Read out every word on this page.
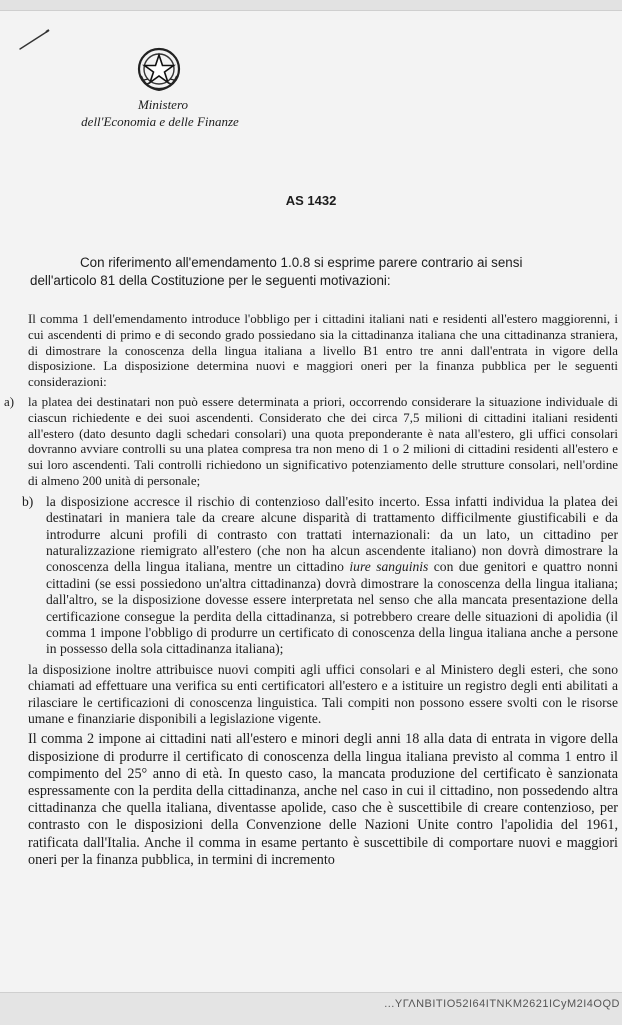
Ministero
dell'Economia e delle Finanze
AS 1432

Con riferimento all'emendamento 1.0.8 si esprime parere contrario ai sensi

dell'articolo 81 della Costituzione per le seguenti motivazioni:

Il comma 1 dell'emendamento introduce l'obbligo per i cittadini italiani nati e residenti all'estero maggiorenni, i cui ascendenti di primo e di secondo grado possiedano sia la cittadinanza italiana che una cittadinanza straniera, di dimostrare la conoscenza della lingua italiana a livello B1 entro tre anni dall'entrata in vigore della disposizione. La disposizione determina nuovi e maggiori oneri per la finanza pubblica per le seguenti considerazioni:

a) la platea dei destinatari non può essere determinata a priori, occorrendo considerare la situazione individuale di ciascun richiedente e dei suoi ascendenti. Considerato che dei circa 7,5 milioni di cittadini italiani residenti all'estero (dato desunto dagli schedari consolari) una quota preponderante è nata all'estero, gli uffici consolari dovranno avviare controlli su una platea compresa tra non meno di 1 o 2 milioni di cittadini residenti all'estero e sui loro ascendenti. Tali controlli richiedono un significativo potenziamento delle strutture consolari, nell'ordine di almeno 200 unità di personale;

b) la disposizione accresce il rischio di contenzioso dall'esito incerto. Essa infatti individua la platea dei destinatari in maniera tale da creare alcune disparità di trattamento difficilmente giustificabili e da introdurre alcuni profili di contrasto con trattati internazionali: da un lato, un cittadino per naturalizzazione riemigrato all'estero (che non ha alcun ascendente italiano) non dovrà dimostrare la conoscenza della lingua italiana, mentre un cittadino iure sanguinis con due genitori e quattro nonni cittadini (se essi possiedono un'altra cittadinanza) dovrà dimostrare la conoscenza della lingua italiana; dall'altro, se la disposizione dovesse essere interpretata nel senso che alla mancata presentazione della certificazione consegue la perdita della cittadinanza, si potrebbero creare delle situazioni di apolidia (il comma 1 impone l'obbligo di produrre un certificato di conoscenza della lingua italiana anche a persone in possesso della sola cittadinanza italiana);

la disposizione inoltre attribuisce nuovi compiti agli uffici consolari e al Ministero degli esteri, che sono chiamati ad effettuare una verifica su enti certificatori all'estero e a istituire un registro degli enti abilitati a rilasciare le certificazioni di conoscenza linguistica. Tali compiti non possono essere svolti con le risorse umane e finanziarie disponibili a legislazione vigente.

Il comma 2 impone ai cittadini nati all'estero e minori degli anni 18 alla data di entrata in vigore della disposizione di produrre il certificato di conoscenza della lingua italiana previsto al comma 1 entro il compimento del 25° anno di età. In questo caso, la mancata produzione del certificato è sanzionata espressamente con la perdita della cittadinanza, anche nel caso in cui il cittadino, non possedendo altra cittadinanza che quella italiana, diventasse apolide, caso che è suscettibile di creare contenzioso, per contrasto con le disposizioni della Convenzione delle Nazioni Unite contro l'apolidia del 1961, ratificata dall'Italia. Anche il comma in esame pertanto è suscettibile di comportare nuovi e maggiori oneri per la finanza pubblica, in termini di incremento

...ΥΓΛΝΒΙΤΙΟ52Ι64ΙΤΝΚΜ2621ΙCyM2I4OQD
